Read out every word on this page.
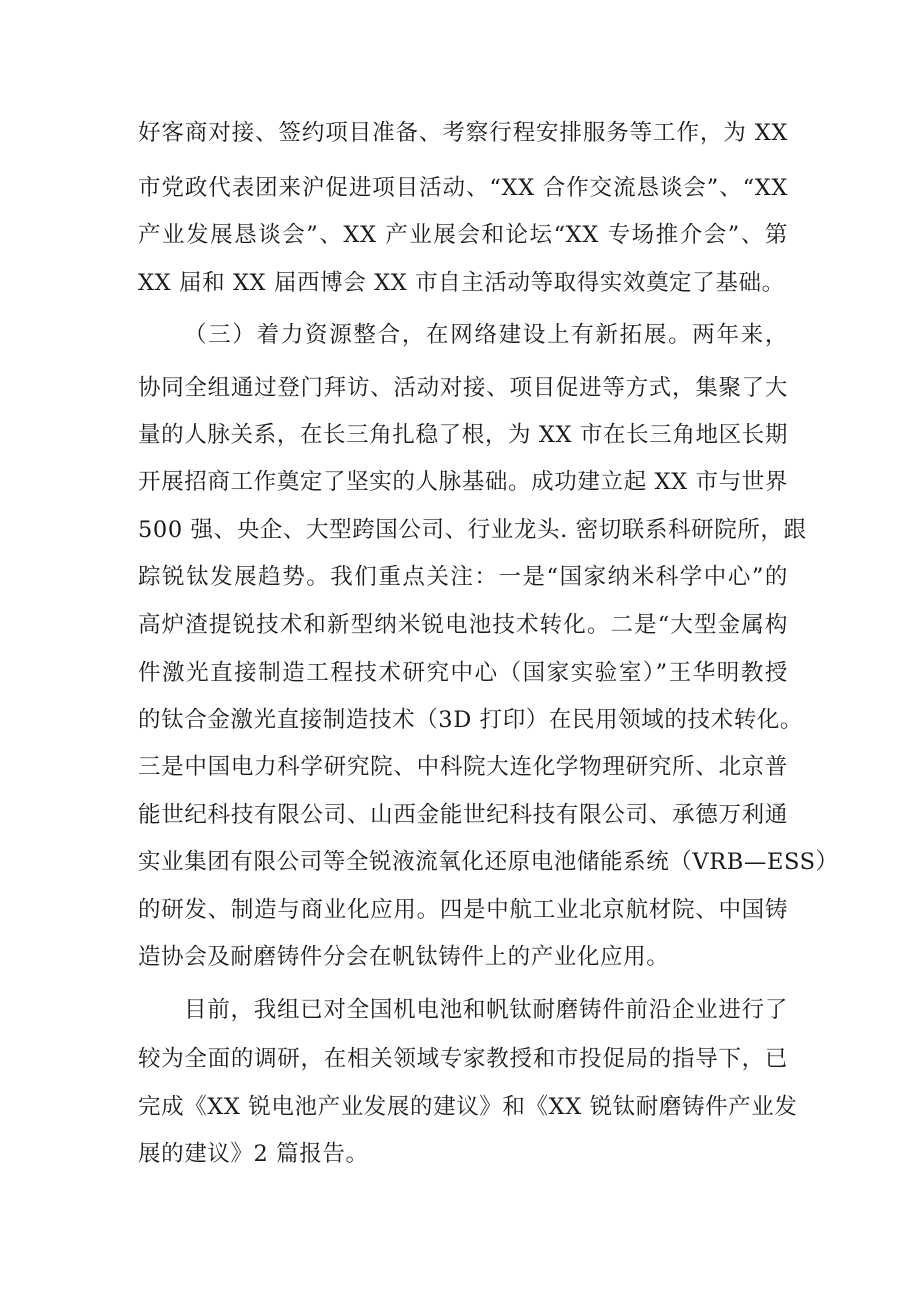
好客商对接、签约项目准备、考察行程安排服务等工作，为 XX
市党政代表团来沪促进项目活动、“XX 合作交流恳谈会”、“XX
产业发展恳谈会”、XX 产业展会和论坛“XX 专场推介会”、第
XX 届和 XX 届西博会 XX 市自主活动等取得实效奠定了基础。
（三）着力资源整合，在网络建设上有新拓展。两年来，
协同全组通过登门拜访、活动对接、项目促进等方式，集聚了大
量的人脉关系，在长三角扎稳了根，为 XX 市在长三角地区长期
开展招商工作奠定了坚实的人脉基础。成功建立起 XX 市与世界
500 强、央企、大型跨国公司、行业龙头. 密切联系科研院所，跟
踪锐钛发展趋势。我们重点关注：一是“国家纳米科学中心”的
高炉渣提锐技术和新型纳米锐电池技术转化。二是“大型金属构
件激光直接制造工程技术研究中心（国家实验室）”王华明教授
的钛合金激光直接制造技术（3D 打印）在民用领域的技术转化。
三是中国电力科学研究院、中科院大连化学物理研究所、北京普
能世纪科技有限公司、山西金能世纪科技有限公司、承德万利通
实业集团有限公司等全锐液流氧化还原电池储能系统（VRB—ESS）
的研发、制造与商业化应用。四是中航工业北京航材院、中国铸
造协会及耐磨铸件分会在帆钛铸件上的产业化应用。
目前，我组已对全国机电池和帆钛耐磨铸件前沿企业进行了
较为全面的调研，在相关领域专家教授和市投促局的指导下，已
完成《XX 锐电池产业发展的建议》和《XX 锐钛耐磨铸件产业发
展的建议》2 篇报告。
